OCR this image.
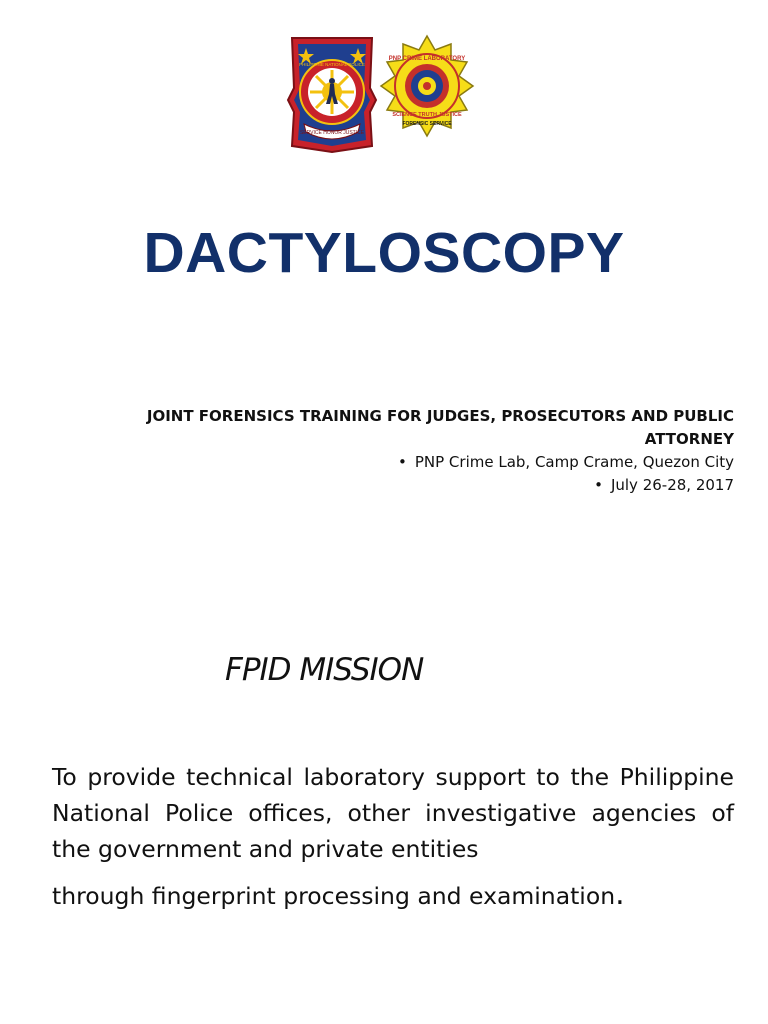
SERVICE HONOR JUSTICE
PHILIPPINE NATIONAL POLICE
PNP CRIME LABORATORY
SCIENCE TRUTH JUSTICE
FORENSIC SERVICE
DACTYLOSCOPY
JOINT FORENSICS TRAINING FOR JUDGES, PROSECUTORS AND PUBLIC
ATTORNEY
• PNP Crime Lab, Camp Crame, Quezon City
• July 26-28, 2017
FPID MISSION

To provide technical laboratory support to the Philippine National Police offices, other investigative agencies of the government and private entities
through fingerprint processing and examination.
